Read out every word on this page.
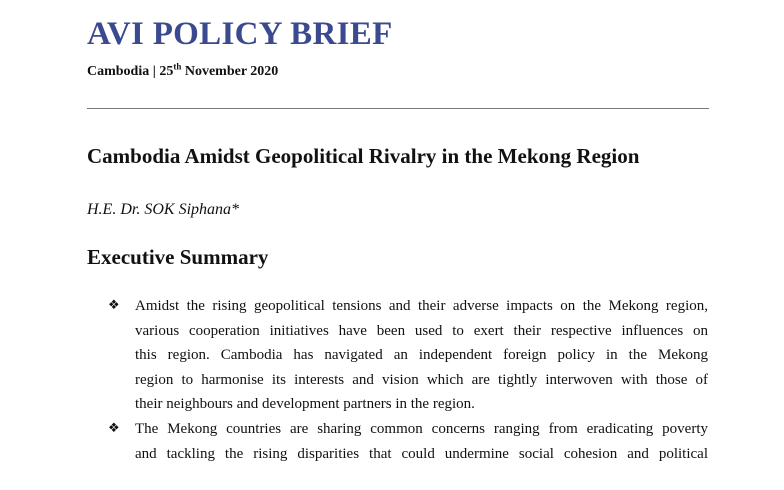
AVI POLICY BRIEF
Cambodia | 25th November 2020
Cambodia Amidst Geopolitical Rivalry in the Mekong Region
H.E. Dr. SOK Siphana*
Executive Summary
❖ Amidst the rising geopolitical tensions and their adverse impacts on the Mekong region,
various cooperation initiatives have been used to exert their respective influences on
this region. Cambodia has navigated an independent foreign policy in the Mekong
region to harmonise its interests and vision which are tightly interwoven with those of
their neighbours and development partners in the region.
❖ The Mekong countries are sharing common concerns ranging from eradicating poverty
and tackling the rising disparities that could undermine social cohesion and political
